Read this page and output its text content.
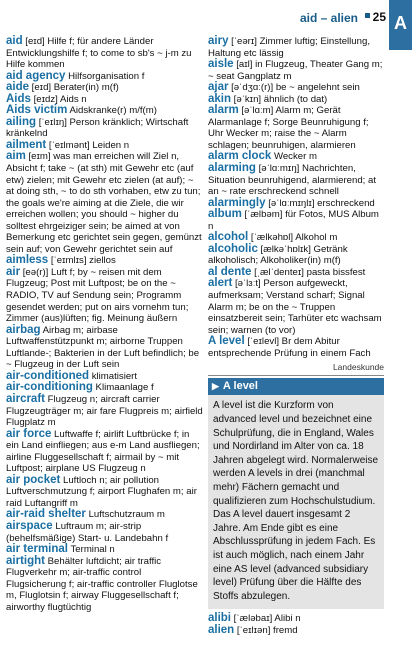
aid – alien 25 A
aid [eɪd] Hilfe f; für andere Länder Entwicklungshilfe f; to come to sb's ~ j-m zu Hilfe kommen
aid agency Hilfsorganisation f
aide [eɪd] Berater(in) m(f)
Aids [eɪdz] Aids n
Aids victim Aidskranke(r) m/f(m)
ailing [ˈeɪlɪŋ] Person kränklich; Wirtschaft kränkelnd
ailment [ˈeɪlmənt] Leiden n
aim [eɪm] was man erreichen will Ziel n, Absicht f; take ~ (at sth) mit Gewehr etc (auf etw) zielen; mit Gewehr etc zielen (at auf); ~ at doing sth, ~ to do sth vorhaben, etw zu tun; the goals we're aiming at die Ziele, die wir erreichen wollen; you should ~ higher du solltest ehrgeiziger sein; be aimed at von Bemerkung etc gerichtet sein gegen, gemünzt sein auf; von Gewehr gerichtet sein auf
aimless [ˈeɪmlɪs] ziellos
air [eə(r)] Luft f; by ~ reisen mit dem Flugzeug; Post mit Luftpost; be on the ~ RADIO, TV auf Sendung sein; Programm gesendet werden; put on airs vornehm tun; Zimmer (aus)lüften; fig. Meinung äußern
airbag Airbag m; airbase Luftwaffenstützpunkt m; airborne Truppen Luftlande-; Bakterien in der Luft befindlich; be ~ Flugzeug in der Luft sein
air-conditioned klimatisiert
air-conditioning Klimaanlage f
aircraft Flugzeug n; aircraft carrier Flugzeugträger m; air fare Flugpreis m; airfield Flugplatz m
air force Luftwaffe f; airlift Luftbrücke f; in ein Land einfliegen; aus e-m Land ausfliegen; airline Fluggesellschaft f; airmail by ~ mit Luftpost; airplane US Flugzeug n
air pocket Luftloch n; air pollution Luftverschmutzung f; airport Flughafen m; air raid Luftangriff m
air-raid shelter Luftschutzraum m
airspace Luftraum m; air-strip (behelfsmäßige) Start- u. Landebahn f
air terminal Terminal n
airtight Behälter luftdicht; air traffic Flugverkehr m; air-traffic control Flugsicherung f; air-traffic controller Fluglotse m, Fluglotsin f; airway Fluggesellschaft f; airworthy flugtüchtig
airy [ˈeərɪ] Zimmer luftig; Einstellung, Haltung etc lässig
aisle [aɪl] in Flugzeug, Theater Gang m; ~ seat Gangplatz m
ajar [əˈdʒɑː(r)] be ~ angelehnt sein
akin [əˈkɪn] ähnlich (to dat)
alarm [əˈlɑːm] Alarm m; Gerät Alarmanlage f; Sorge Beunruhigung f; Uhr Wecker m; raise the ~ Alarm schlagen; beunruhigen, alarmieren
alarm clock Wecker m
alarming [əˈlɑːmɪŋ] Nachrichten, Situation beunruhigend, alarmierend; at an ~ rate erschreckend schnell
alarmingly [əˈlɑːmɪŋlɪ] erschreckend
album [ˈælbəm] für Fotos, MUS Album n
alcohol [ˈælkəhɒl] Alkohol m
alcoholic [ælkəˈhɒlɪk] Getränk alkoholisch; Alkoholiker(in) m(f)
al dente [ˌælˈdenteɪ] pasta bissfest
alert [əˈlɜːt] Person aufgeweckt, aufmerksam; Verstand scharf; Signal Alarm m; be on the ~ Truppen einsatzbereit sein; Tarhüter etc wachsam sein; warnen (to vor)
A level [ˈeɪlevl] Br dem Abitur entsprechende Prüfung in einem Fach
Landeskunde
▶ A level
A level ist die Kurzform von advanced level und bezeichnet eine Schulprüfung, die in England, Wales und Nordirland im Alter von ca. 18 Jahren abgelegt wird. Normalerweise werden A levels in drei (manchmal mehr) Fächern gemacht und qualifizieren zum Hochschulstudium. Das A level dauert insgesamt 2 Jahre. Am Ende gibt es eine Abschlussprüfung in jedem Fach. Es ist auch möglich, nach einem Jahr eine AS level (advanced subsidiary level) Prüfung über die Hälfte des Stoffs abzulegen.
alibi [ˈæləbaɪ] Alibi n
alien [ˈeɪlɪən] fremd
